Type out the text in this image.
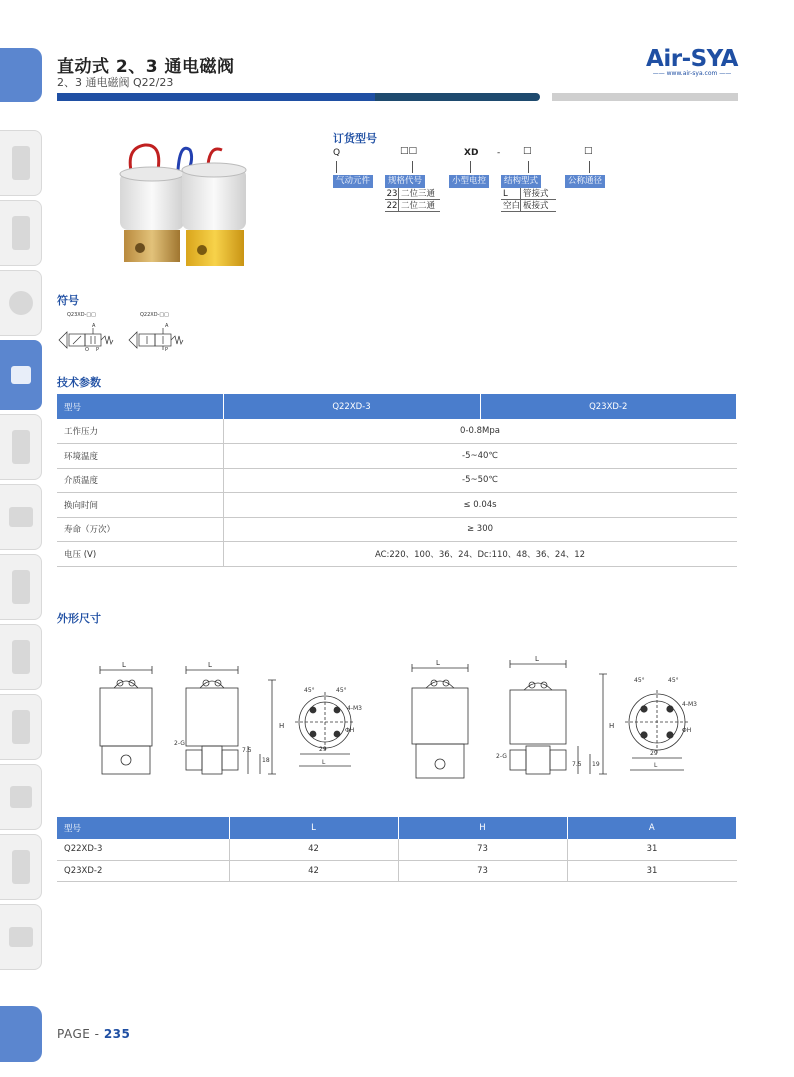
直动式 2、3 通电磁阀
2、3 通电磁阀 Q22/23
Air-SYA
—— www.air-sya.com ——
订货型号
Q	□□	XD -	□	□
气动元件	规格代号	小型电控	结构型式	公称通径
23 二位三通
22 二位二通
L	管接式
空白 板接式
符号
Q23XD-□□	Q22XD-□□
A
O P
A
P
技术参数
型号	Q22XD-3	Q23XD-2
工作压力	0-0.8Mpa	
环境温度	-5~40℃	
介质温度	-5~50℃	
换向时间	≤ 0.04s	
寿命（万次）	≥ 300	
电压 (V)	AC:220、100、36、24、Dc:110、48、36、24、12	
外形尺寸
L	L
H
2-G
7.5
18
45°	45°
4-M3
ΦH
29
L
L	L
H
2-G
7.5 19
45°	45°
4-M3
ΦH
29
L
型号	L	H	A
Q22XD-3	42	73	31
Q23XD-2	42	73	31
PAGE - 235
